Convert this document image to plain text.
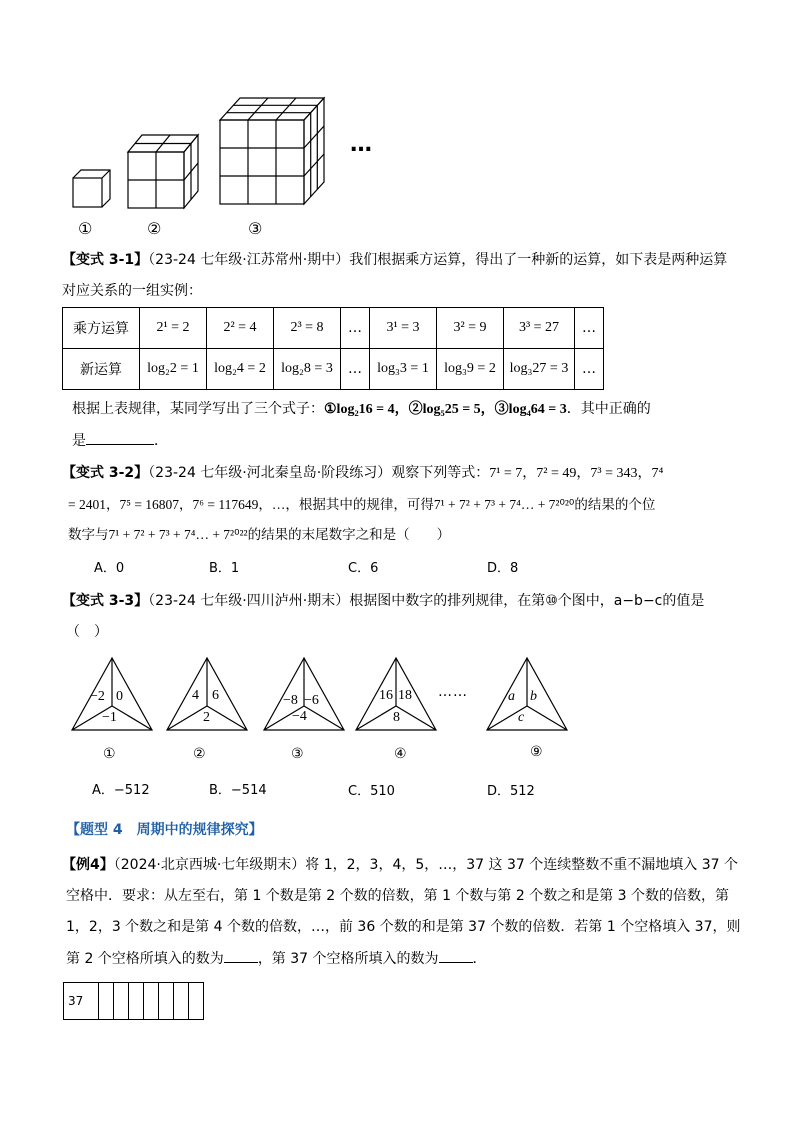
…
①	②	③
【变式 3-1】（23-24 七年级·江苏常州·期中）我们根据乘方运算，得出了一种新的运算，如下表是两种运算
对应关系的一组实例：
乘方运算	2¹ = 2	2² = 4	2³ = 8	…	3¹ = 3	3² = 9	3³ = 27	…
新运算	log₂2 = 1	log₂4 = 2	log₂8 = 3	…	log₃3 = 1	log₃9 = 2	log₃27 = 3	…
根据上表规律，某同学写出了三个式子：①log₂16 = 4，②log₅25 = 5，③log₄64 = 3．其中正确的
是	．
【变式 3-2】（23-24 七年级·河北秦皇岛·阶段练习）观察下列等式：7¹ = 7，7² = 49，7³ = 343，7⁴
= 2401，7⁵ = 16807，7⁶ = 117649，…，根据其中的规律，可得7¹ + 7² + 7³ + 7⁴… + 7²⁰²⁰的结果的个位
数字与7¹ + 7² + 7³ + 7⁴… + 7²⁰²²的结果的末尾数字之和是（　　）
A．0	B．1	C．6	D．8
【变式 3-3】（23-24 七年级·四川泸州·期末）根据图中数字的排列规律，在第⑩个图中，a−b−c的值是
（　）
−2 0
−1
4 6
2
−8 −6
−4
16 18
8
……	a b
c
①	②	③	④	⑨
A．−512	B．−514	C．510	D．512
【题型 4　周期中的规律探究】
【例4】（2024·北京西城·七年级期末）将 1，2，3，4，5，…，37 这 37 个连续整数不重不漏地填入 37 个
空格中．要求：从左至右，第 1 个数是第 2 个数的倍数，第 1 个数与第 2 个数之和是第 3 个数的倍数，第
1，2，3 个数之和是第 4 个数的倍数，…，前 36 个数的和是第 37 个数的倍数．若第 1 个空格填入 37，则
第 2 个空格所填入的数为 ，第 37 个空格所填入的数为 ．
37							
